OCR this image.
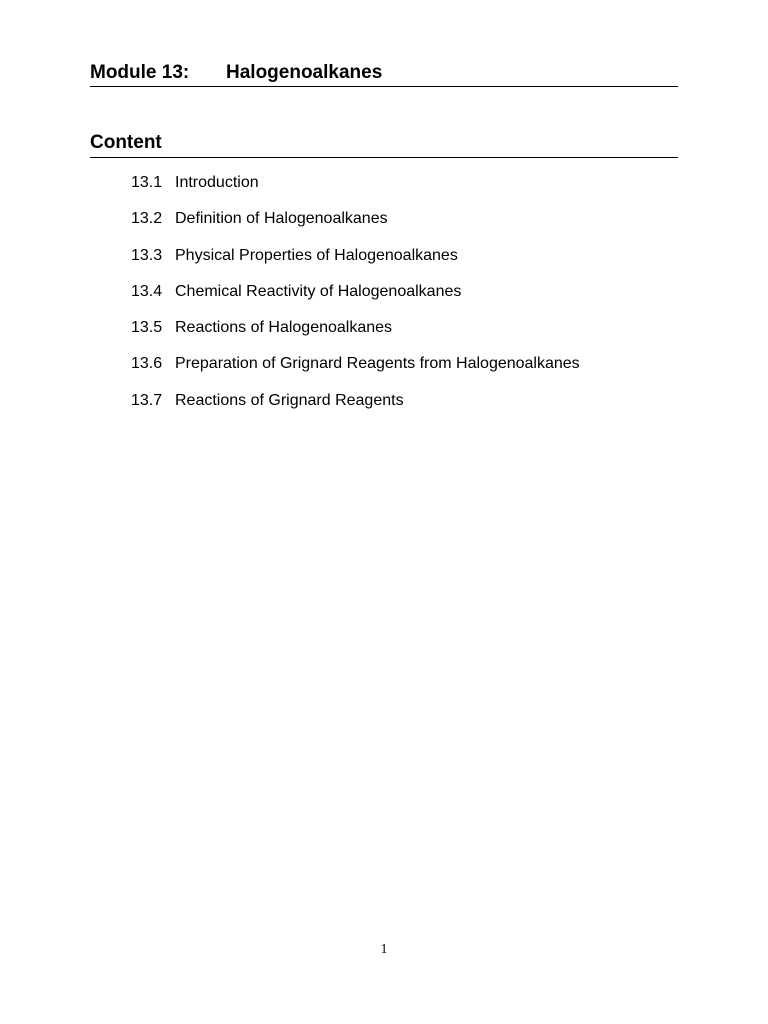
Module 13: Halogenoalkanes
Content
13.1 Introduction
13.2 Definition of Halogenoalkanes
13.3 Physical Properties of Halogenoalkanes
13.4 Chemical Reactivity of Halogenoalkanes
13.5 Reactions of Halogenoalkanes
13.6 Preparation of Grignard Reagents from Halogenoalkanes
13.7 Reactions of Grignard Reagents
1
